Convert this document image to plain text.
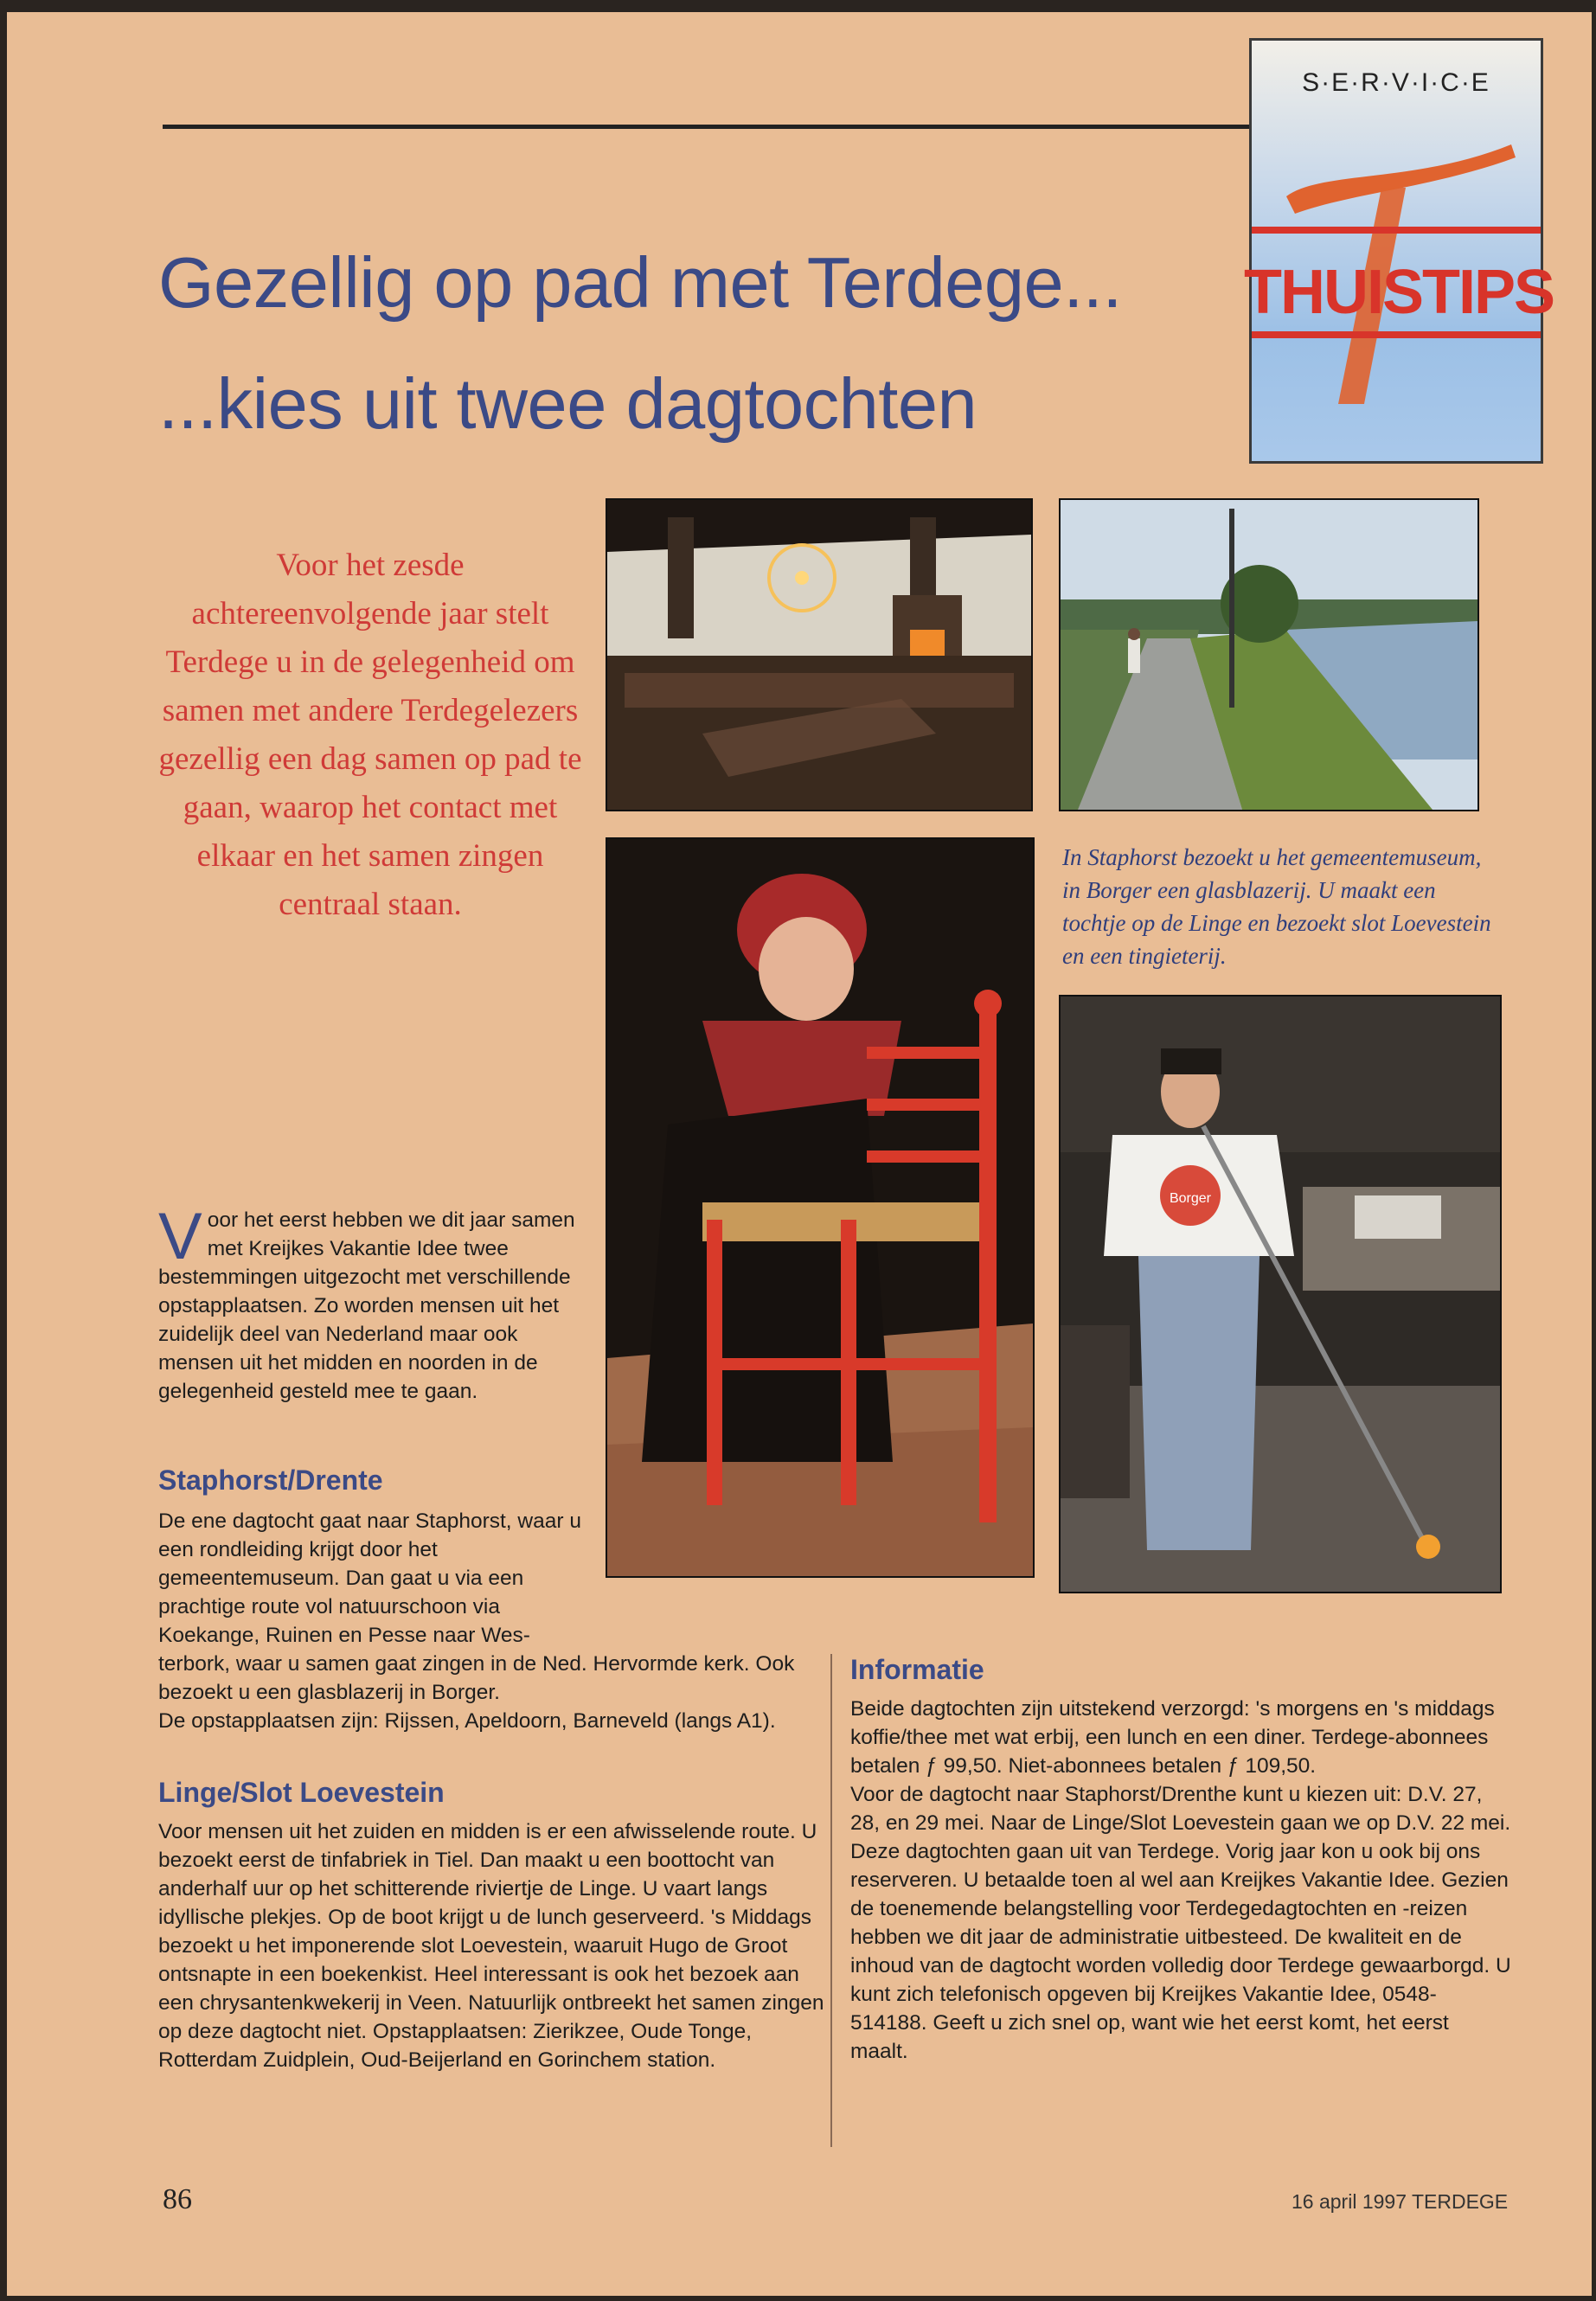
S·E·R·V·I·C·E
THUISTIPS
Gezellig op pad met Terdege...
...kies uit twee dagtochten

Voor het zesde achtereenvolgende jaar stelt Terdege u in de gelegenheid om samen met andere Terdegelezers gezellig een dag samen op pad te gaan, waarop het contact met elkaar en het samen zingen centraal staan.

In Staphorst bezoekt u het gemeentemuseum, in Borger een glasblazerij. U maakt een tochtje op de Linge en bezoekt slot Loevestein en een tingieterij.

Borger
V oor het eerst hebben we dit jaar samen met Kreijkes Vakantie Idee twee bestemmingen uitgezocht met verschillende opstapplaatsen. Zo worden mensen uit het zuidelijk deel van Nederland maar ook mensen uit het midden en noorden in de gelegenheid gesteld mee te gaan.

Staphorst/Drente

De ene dagtocht gaat naar Staphorst, waar u een rondleiding krijgt door het gemeentemuseum. Dan gaat u via een prachtige route vol natuurschoon via Koekange, Ruinen en Pesse naar Wes-

terbork, waar u samen gaat zingen in de Ned. Hervormde kerk. Ook bezoekt u een glasblazerij in Borger.

De opstapplaatsen zijn: Rijssen, Apeldoorn, Barneveld (langs A1).

Linge/Slot Loevestein

Voor mensen uit het zuiden en midden is er een afwisselende route. U bezoekt eerst de tinfabriek in Tiel. Dan maakt u een boottocht van anderhalf uur op het schitterende riviertje de Linge. U vaart langs idyllische plekjes. Op de boot krijgt u de lunch geserveerd. 's Middags bezoekt u het imponerende slot Loevestein, waaruit Hugo de Groot ontsnapte in een boekenkist. Heel interessant is ook het bezoek aan een chrysantenkwekerij in Veen. Natuurlijk ontbreekt het samen zingen op deze dagtocht niet. Opstapplaatsen: Zierikzee, Oude Tonge, Rotterdam Zuidplein, Oud-Beijerland en Gorinchem station.

Informatie

Beide dagtochten zijn uitstekend verzorgd: 's morgens en 's middags koffie/thee met wat erbij, een lunch en een diner. Terdege-abonnees betalen ƒ 99,50. Niet-abonnees betalen ƒ 109,50.

Voor de dagtocht naar Staphorst/Drenthe kunt u kiezen uit: D.V. 27, 28, en 29 mei. Naar de Linge/Slot Loevestein gaan we op D.V. 22 mei.

Deze dagtochten gaan uit van Terdege. Vorig jaar kon u ook bij ons reserveren. U betaalde toen al wel aan Kreijkes Vakantie Idee. Gezien de toenemende belangstelling voor Terdegedagtochten en -reizen hebben we dit jaar de administratie uitbesteed. De kwaliteit en de inhoud van de dagtocht worden volledig door Terdege gewaarborgd. U kunt zich telefonisch opgeven bij Kreijkes Vakantie Idee, 0548-514188. Geeft u zich snel op, want wie het eerst komt, het eerst maalt.

86	16 april 1997 TERDEGE
